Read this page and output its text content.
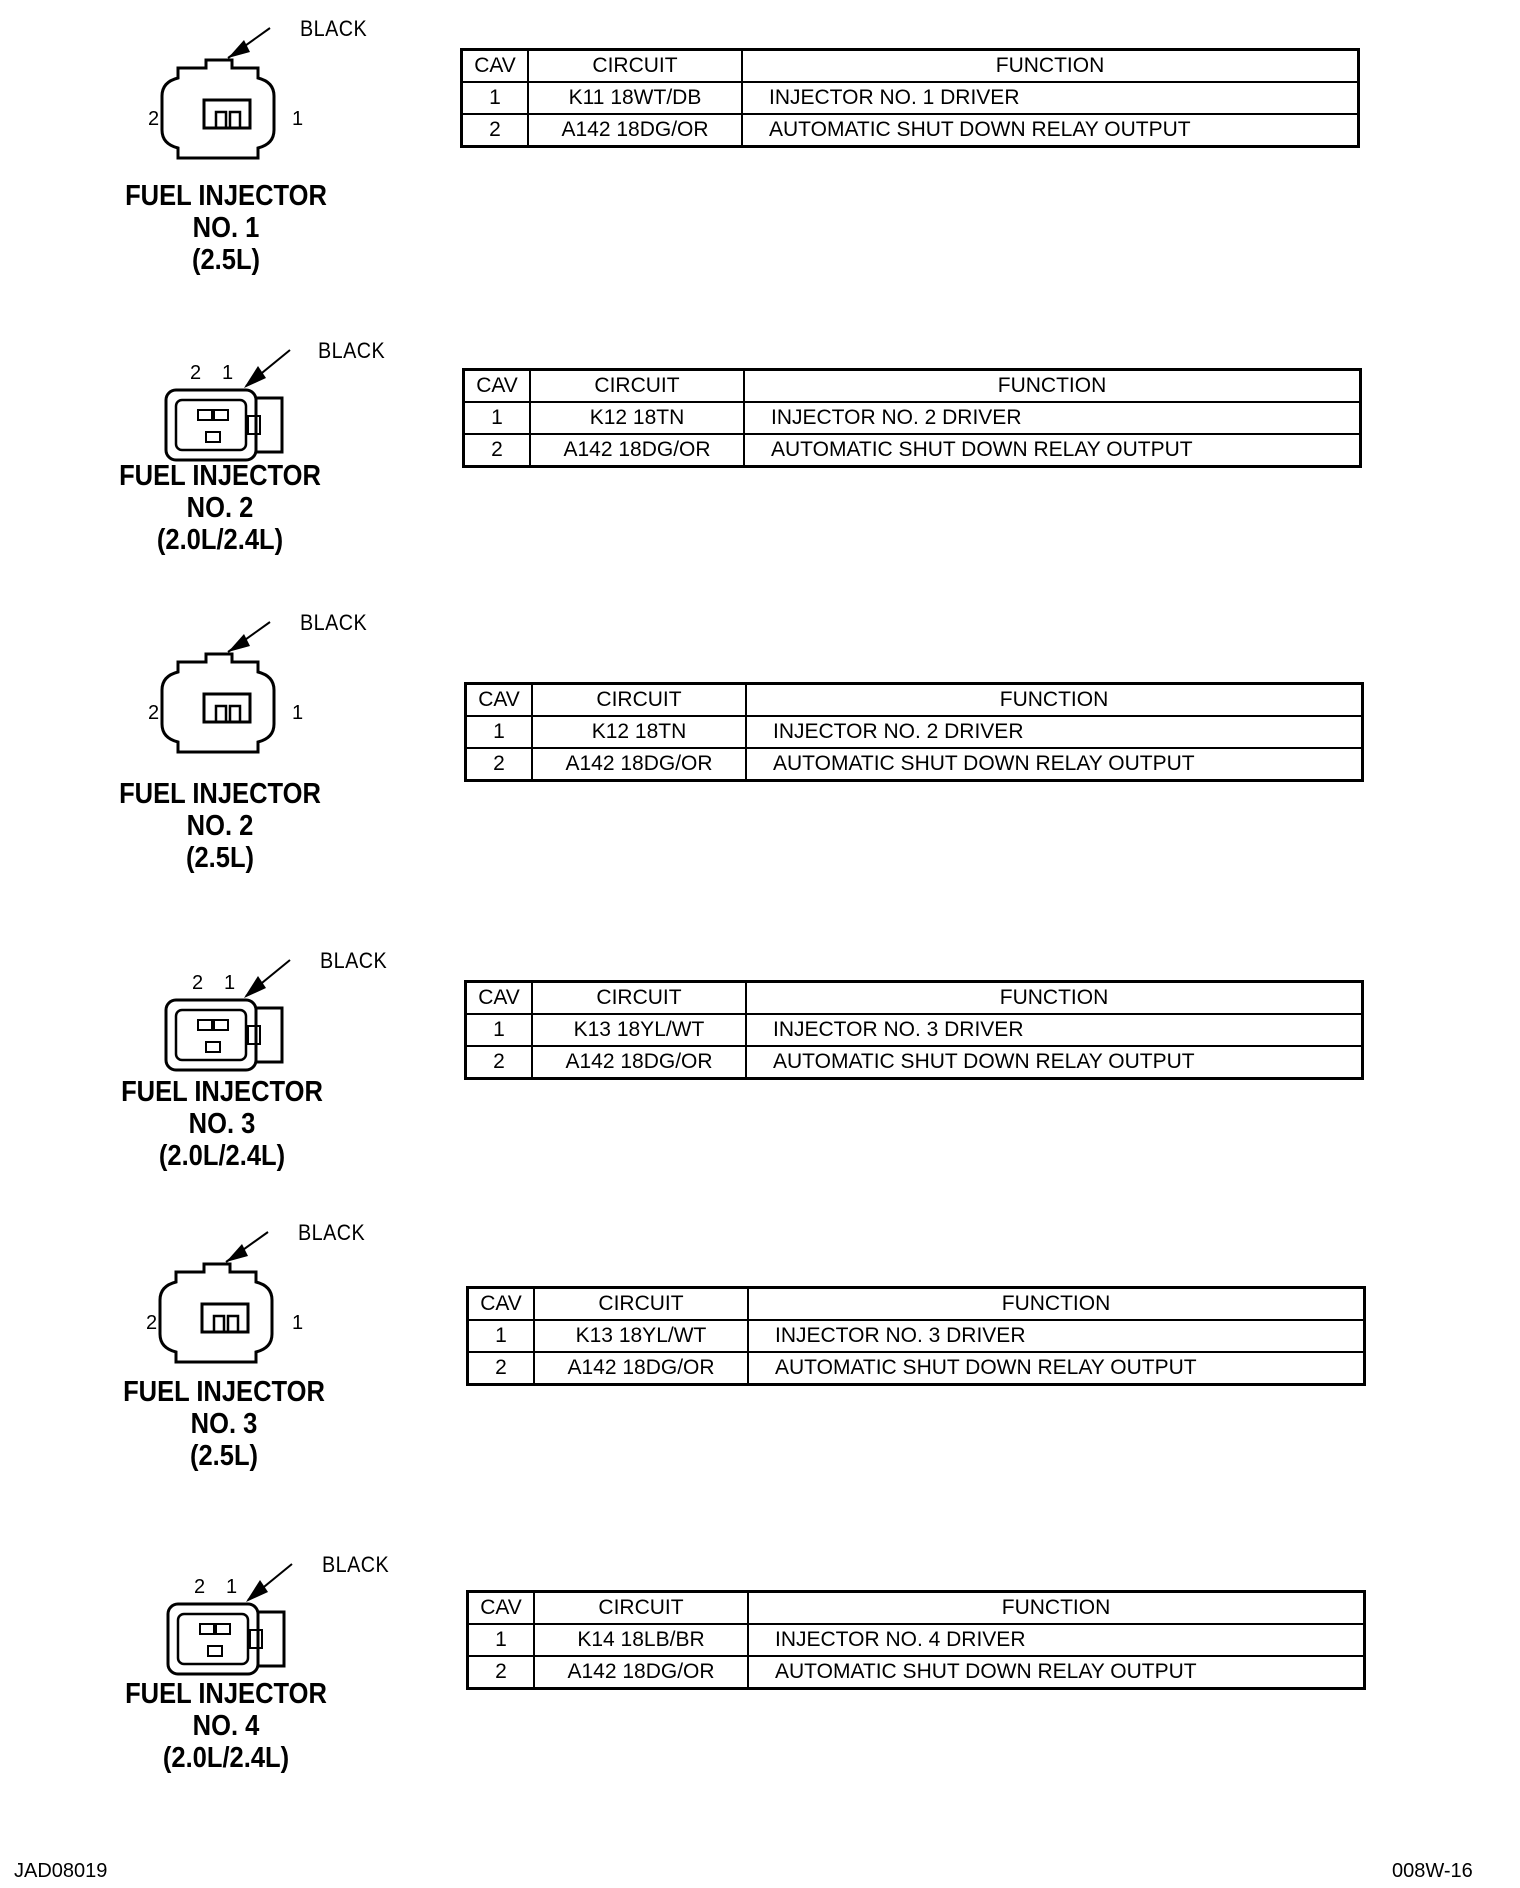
BLACK
2	1
FUEL INJECTOR
NO. 1
(2.5L)
CAV	CIRCUIT	FUNCTION
1	K11 18WT/DB	INJECTOR NO. 1 DRIVER
2	A142 18DG/OR	AUTOMATIC SHUT DOWN RELAY OUTPUT
BLACK
2 1
FUEL INJECTOR
NO. 2
(2.0L/2.4L)
CAV	CIRCUIT	FUNCTION
1	K12 18TN	INJECTOR NO. 2 DRIVER
2	A142 18DG/OR	AUTOMATIC SHUT DOWN RELAY OUTPUT
BLACK
2	1
FUEL INJECTOR
NO. 2
(2.5L)
CAV	CIRCUIT	FUNCTION
1	K12 18TN	INJECTOR NO. 2 DRIVER
2	A142 18DG/OR	AUTOMATIC SHUT DOWN RELAY OUTPUT
BLACK
2 1
FUEL INJECTOR
NO. 3
(2.0L/2.4L)
CAV	CIRCUIT	FUNCTION
1	K13 18YL/WT	INJECTOR NO. 3 DRIVER
2	A142 18DG/OR	AUTOMATIC SHUT DOWN RELAY OUTPUT
BLACK
2	1
FUEL INJECTOR
NO. 3
(2.5L)
CAV	CIRCUIT	FUNCTION
1	K13 18YL/WT	INJECTOR NO. 3 DRIVER
2	A142 18DG/OR	AUTOMATIC SHUT DOWN RELAY OUTPUT
BLACK
2 1
FUEL INJECTOR
NO. 4
(2.0L/2.4L)
CAV	CIRCUIT	FUNCTION
1	K14 18LB/BR	INJECTOR NO. 4 DRIVER
2	A142 18DG/OR	AUTOMATIC SHUT DOWN RELAY OUTPUT
JAD08019	008W-16
